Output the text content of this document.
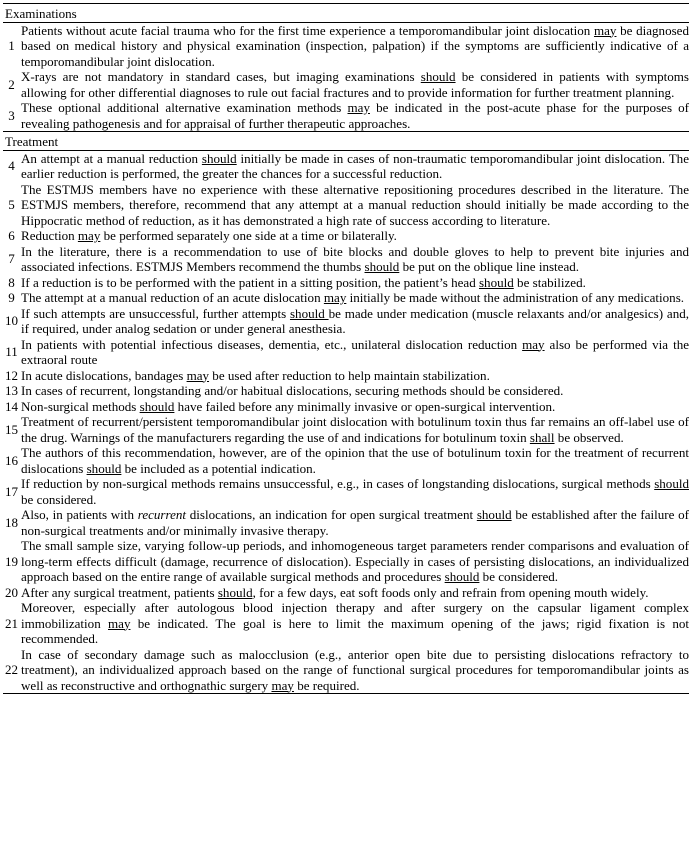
Examinations
1
Patients without acute facial trauma who for the first time experience a temporomandibular joint dislocation may be diagnosed based on medical history and physical examination (inspection, palpation) if the symptoms are sufficiently indicative of a temporomandibular joint dislocation.
2
X-rays are not mandatory in standard cases, but imaging examinations should be considered in patients with symptoms allowing for other differential diagnoses to rule out facial fractures and to provide information for further treatment planning.
3
These optional additional alternative examination methods may be indicated in the post-acute phase for the purposes of revealing pathogenesis and for appraisal of further therapeutic approaches.
Treatment
4
An attempt at a manual reduction should initially be made in cases of non-traumatic temporomandibular joint dislocation. The earlier reduction is performed, the greater the chances for a successful reduction.
5
The ESTMJS members have no experience with these alternative repositioning procedures described in the literature. The ESTMJS members, therefore, recommend that any attempt at a manual reduction should initially be made according to the Hippocratic method of reduction, as it has demonstrated a high rate of success according to literature.
6 Reduction may be performed separately one side at a time or bilaterally.
7
In the literature, there is a recommendation to use of bite blocks and double gloves to help to prevent bite injuries and associated infections. ESTMJS Members recommend the thumbs should be put on the oblique line instead.
8 If a reduction is to be performed with the patient in a sitting position, the patient’s head should be stabilized.
9 The attempt at a manual reduction of an acute dislocation may initially be made without the administration of any medications.
10
If such attempts are unsuccessful, further attempts should be made under medication (muscle relaxants and/or analgesics) and, if required, under analog sedation or under general anesthesia.
11
In patients with potential infectious diseases, dementia, etc., unilateral dislocation reduction may also be performed via the extraoral route
12 In acute dislocations, bandages may be used after reduction to help maintain stabilization.
13 In cases of recurrent, longstanding and/or habitual dislocations, securing methods should be considered.
14 Non-surgical methods should have failed before any minimally invasive or open-surgical intervention.
15
Treatment of recurrent/persistent temporomandibular joint dislocation with botulinum toxin thus far remains an off-label use of the drug. Warnings of the manufacturers regarding the use of and indications for botulinum toxin shall be observed.
16
The authors of this recommendation, however, are of the opinion that the use of botulinum toxin for the treatment of recurrent dislocations should be included as a potential indication.
17
If reduction by non-surgical methods remains unsuccessful, e.g., in cases of longstanding dislocations, surgical methods should be considered.
18
Also, in patients with recurrent dislocations, an indication for open surgical treatment should be established after the failure of non-surgical treatments and/or minimally invasive therapy.
19
The small sample size, varying follow-up periods, and inhomogeneous target parameters render comparisons and evaluation of long-term effects difficult (damage, recurrence of dislocation). Especially in cases of persisting dislocations, an individualized approach based on the entire range of available surgical methods and procedures should be considered.
20 After any surgical treatment, patients should, for a few days, eat soft foods only and refrain from opening mouth widely.
21
Moreover, especially after autologous blood injection therapy and after surgery on the capsular ligament complex immobilization may be indicated. The goal is here to limit the maximum opening of the jaws; rigid fixation is not recommended.
22
In case of secondary damage such as malocclusion (e.g., anterior open bite due to persisting dislocations refractory to treatment), an individualized approach based on the range of functional surgical procedures for temporomandibular joints as well as reconstructive and orthognathic surgery may be required.
